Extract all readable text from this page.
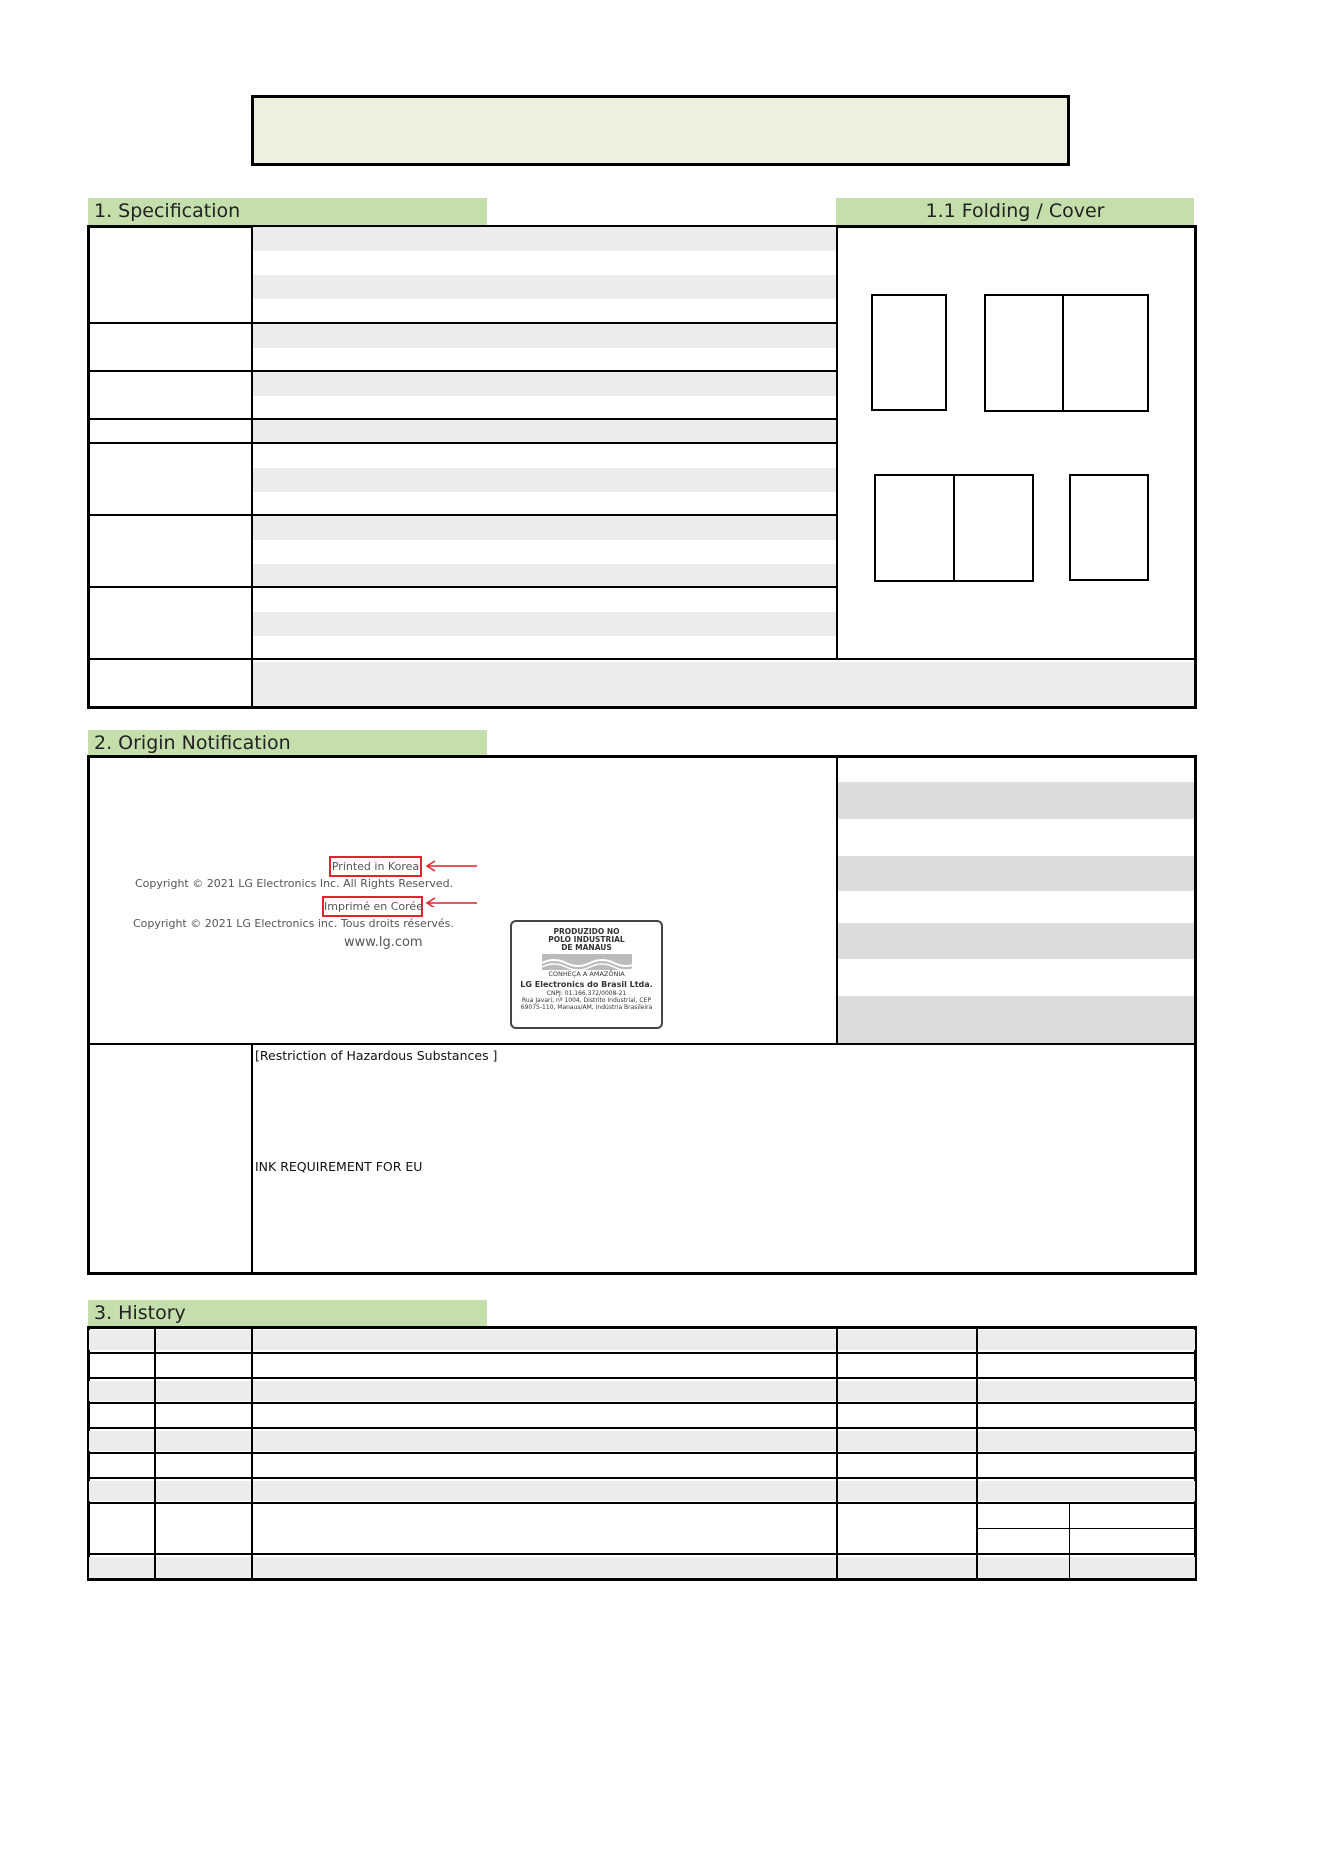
1. Specification	1.1 Folding / Cover
2. Origin Notification
Printed in Korea
Copyright © 2021 LG Electronics Inc. All Rights Reserved.
Imprimé en Corée
Copyright © 2021 LG Electronics inc. Tous droits réservés.
www.lg.com
PRODUZIDO NO
POLO INDUSTRIAL
DE MANAUS
CONHEÇA A AMAZÔNIA
LG Electronics do Brasil Ltda.
CNPJ: 01.166.372/0008-21
Rua Javari, nº 1004, Distrito Industrial, CEP
69075-110, Manaus/AM, Indústria Brasileira
[Restriction of Hazardous Substances ]
INK REQUIREMENT FOR EU
3. History
